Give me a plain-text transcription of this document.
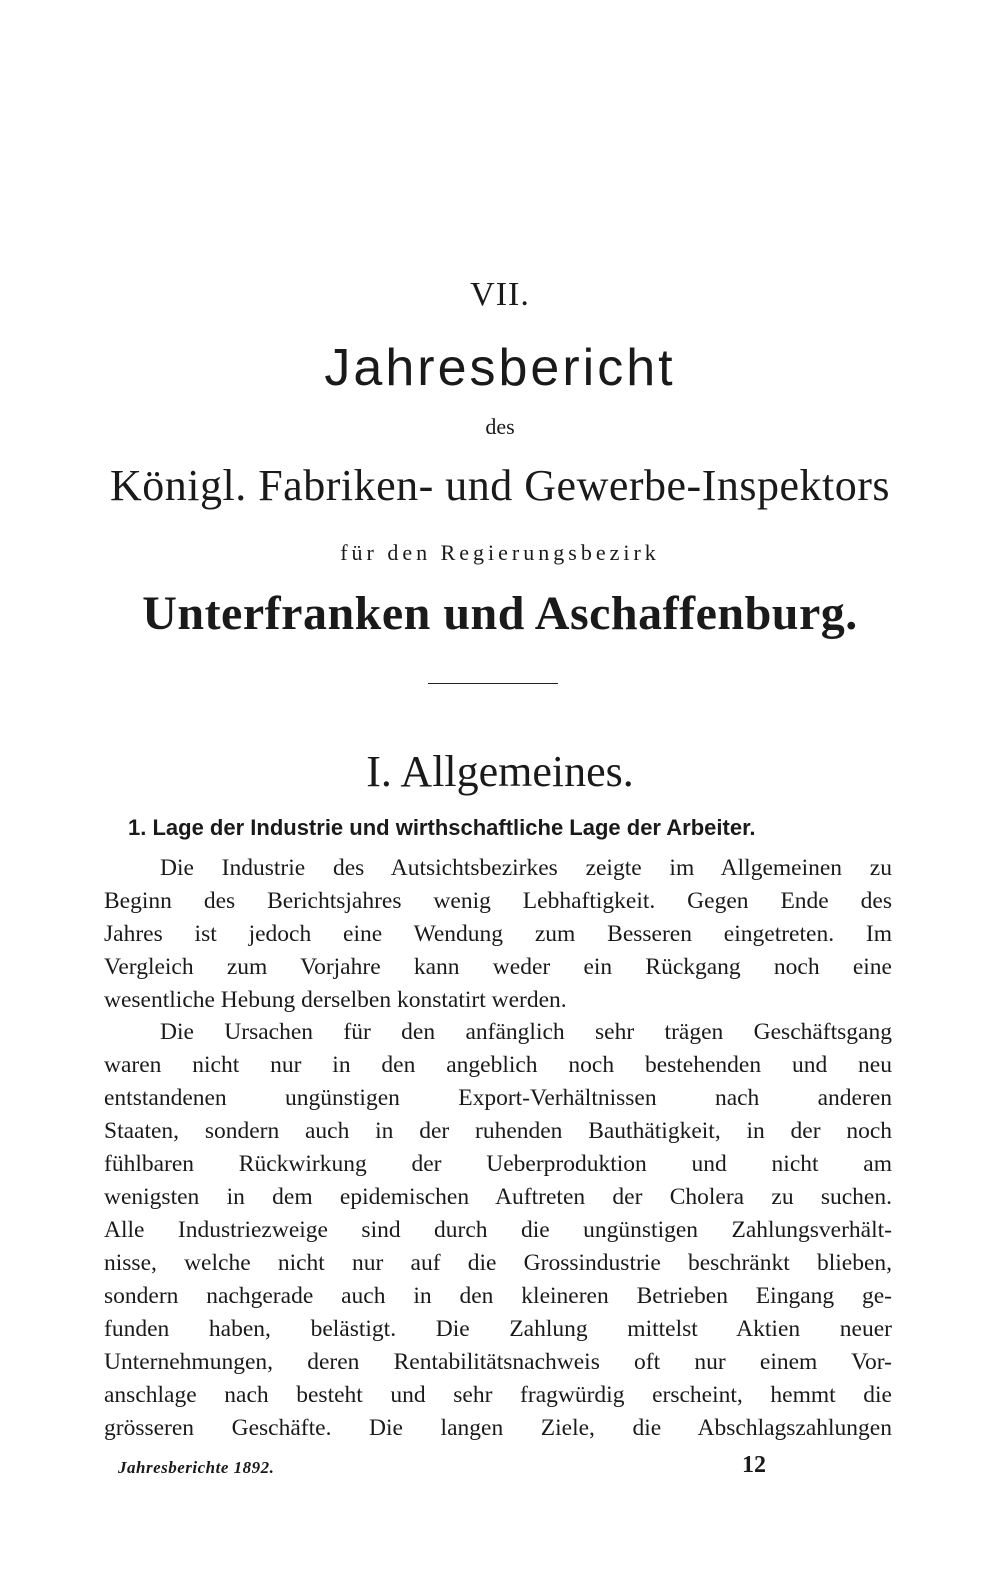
VII.
Jahresbericht
des
Königl. Fabriken- und Gewerbe-Inspektors
für den Regierungsbezirk
Unterfranken und Aschaffenburg.
I. Allgemeines.
1. Lage der Industrie und wirthschaftliche Lage der Arbeiter.
Die Industrie des Autsichtsbezirkes zeigte im Allgemeinen zu
Beginn des Berichtsjahres wenig Lebhaftigkeit. Gegen Ende des
Jahres ist jedoch eine Wendung zum Besseren eingetreten. Im
Vergleich zum Vorjahre kann weder ein Rückgang noch eine
wesentliche Hebung derselben konstatirt werden.
Die Ursachen für den anfänglich sehr trägen Geschäftsgang
waren nicht nur in den angeblich noch bestehenden und neu
entstandenen ungünstigen Export-Verhältnissen nach anderen
Staaten, sondern auch in der ruhenden Bauthätigkeit, in der noch
fühlbaren Rückwirkung der Ueberproduktion und nicht am
wenigsten in dem epidemischen Auftreten der Cholera zu suchen.
Alle Industriezweige sind durch die ungünstigen Zahlungsverhält-
nisse, welche nicht nur auf die Grossindustrie beschränkt blieben,
sondern nachgerade auch in den kleineren Betrieben Eingang ge-
funden haben, belästigt. Die Zahlung mittelst Aktien neuer
Unternehmungen, deren Rentabilitätsnachweis oft nur einem Vor-
anschlage nach besteht und sehr fragwürdig erscheint, hemmt die
grösseren Geschäfte. Die langen Ziele, die Abschlagszahlungen
Jahresberichte 1892.	12
